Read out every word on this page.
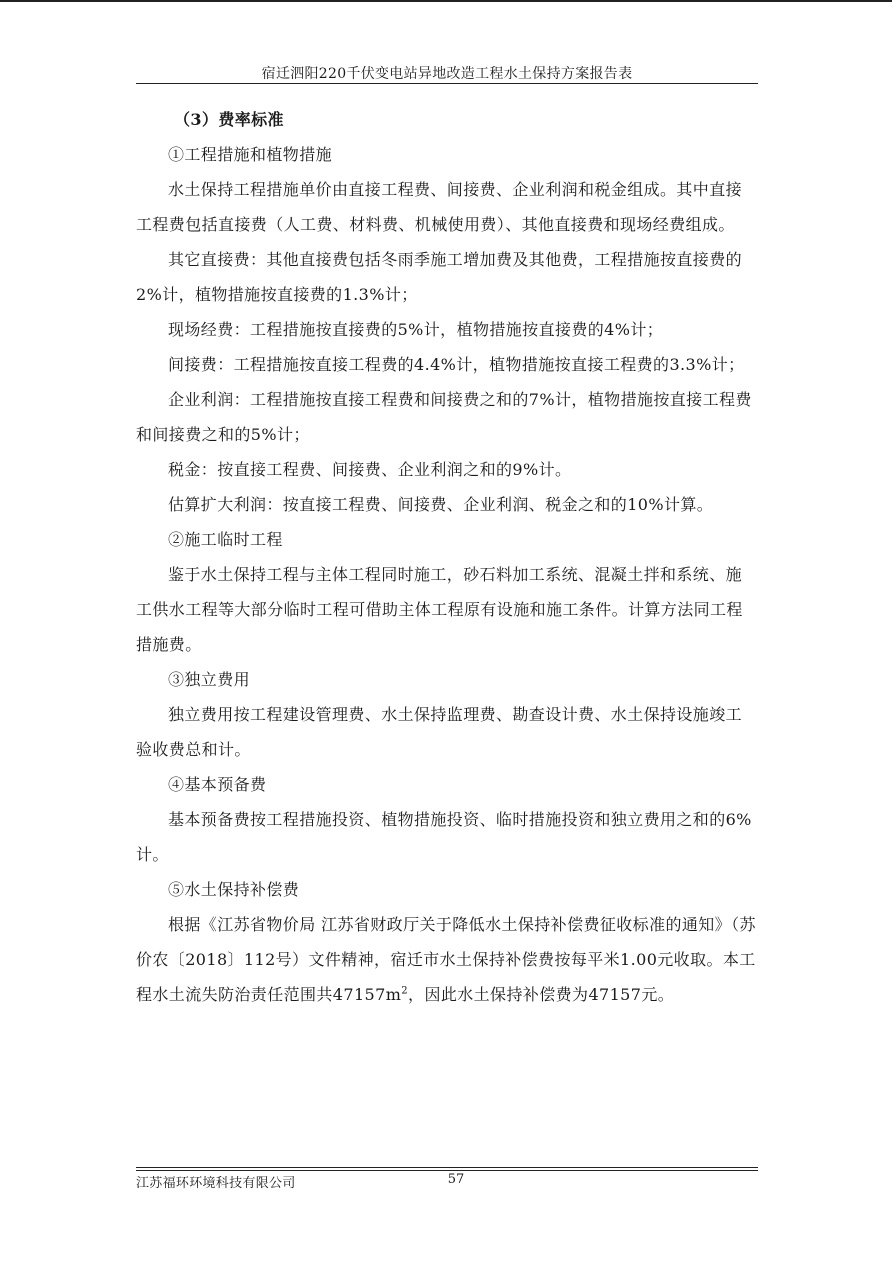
宿迁泗阳220千伏变电站异地改造工程水土保持方案报告表

（3）费率标准

①工程措施和植物措施

水土保持工程措施单价由直接工程费、间接费、企业利润和税金组成。其中直接工程费包括直接费（人工费、材料费、机械使用费）、其他直接费和现场经费组成。

其它直接费：其他直接费包括冬雨季施工增加费及其他费，工程措施按直接费的2%计，植物措施按直接费的1.3%计；

现场经费：工程措施按直接费的5%计，植物措施按直接费的4%计；

间接费：工程措施按直接工程费的4.4%计，植物措施按直接工程费的3.3%计；

企业利润：工程措施按直接工程费和间接费之和的7%计，植物措施按直接工程费和间接费之和的5%计；

税金：按直接工程费、间接费、企业利润之和的9%计。

估算扩大利润：按直接工程费、间接费、企业利润、税金之和的10%计算。

②施工临时工程

鉴于水土保持工程与主体工程同时施工，砂石料加工系统、混凝土拌和系统、施工供水工程等大部分临时工程可借助主体工程原有设施和施工条件。计算方法同工程措施费。

③独立费用

独立费用按工程建设管理费、水土保持监理费、勘查设计费、水土保持设施竣工验收费总和计。

④基本预备费

基本预备费按工程措施投资、植物措施投资、临时措施投资和独立费用之和的6%计。

⑤水土保持补偿费

根据《江苏省物价局 江苏省财政厅关于降低水土保持补偿费征收标准的通知》（苏价农〔2018〕112号）文件精神，宿迁市水土保持补偿费按每平米1.00元收取。本工程水土流失防治责任范围共$47157m^2$，因此水土保持补偿费为47157元。

江苏福环环境科技有限公司	57
